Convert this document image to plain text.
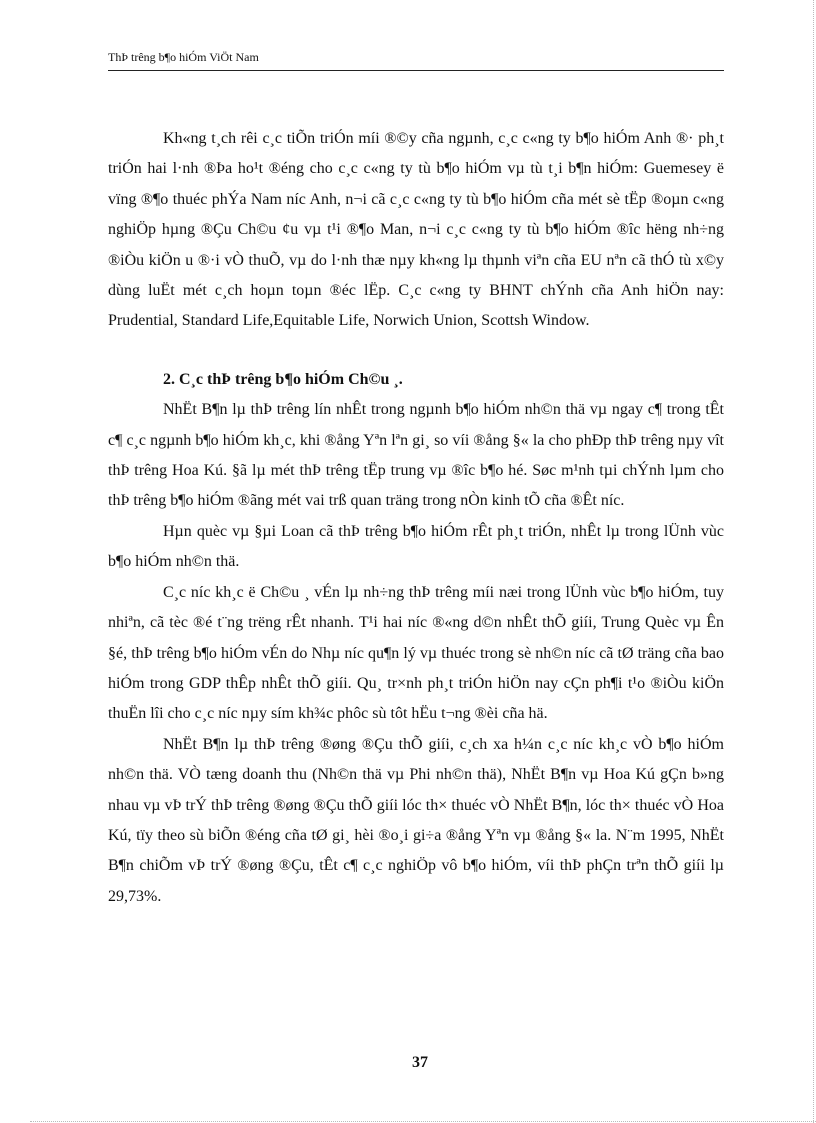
ThÞ trêng b¶o hiÓm ViÖt Nam

Kh«ng t¸ch rêi c¸c tiÕn triÓn míi ®©y cña ngµnh, c¸c c«ng ty b¶o hiÓm Anh ®· ph¸t triÓn hai l·nh ®Þa ho¹t ®éng cho c¸c c«ng ty tù b¶o hiÓm vµ tù t¸i b¶n hiÓm: Guemesey ë vïng ®¶o thuéc phÝa Nam níc Anh, n¬i cã c¸c c«ng ty tù b¶o hiÓm cña mét sè tËp ®oµn c«ng nghiÖp hµng ®Çu Ch©u ¢u vµ t¹i ®¶o Man, n¬i c¸c c«ng ty tù b¶o hiÓm ®îc hëng nh÷ng ®iÒu kiÖn u ®·i vÒ thuÕ, vµ do l·nh thæ nµy kh«ng lµ thµnh viªn cña EU nªn cã thÓ tù x©y dùng luËt mét c¸ch hoµn toµn ®éc lËp. C¸c c«ng ty BHNT chÝnh cña Anh hiÖn nay: Prudential, Standard Life,Equitable Life, Norwich Union, Scottsh Window.

2. C¸c thÞ trêng b¶o hiÓm Ch©u ¸.

NhËt B¶n lµ thÞ trêng lín nhÊt trong ngµnh b¶o hiÓm nh©n thä vµ ngay c¶ trong tÊt c¶ c¸c ngµnh b¶o hiÓm kh¸c, khi ®ång Yªn lªn gi¸ so víi ®ång §« la cho phÐp thÞ trêng nµy vît thÞ trêng Hoa Kú. §ã lµ mét thÞ trêng tËp trung vµ ®îc b¶o hé. Søc m¹nh tµi chÝnh lµm cho thÞ trêng b¶o hiÓm ®ãng mét vai trß quan träng trong nÒn kinh tÕ cña ®Êt níc.

Hµn quèc vµ §µi Loan cã thÞ trêng b¶o hiÓm rÊt ph¸t triÓn, nhÊt lµ trong lÜnh vùc b¶o hiÓm nh©n thä.

C¸c níc kh¸c ë Ch©u ¸ vÉn lµ nh÷ng thÞ trêng míi næi trong lÜnh vùc b¶o hiÓm, tuy nhiªn, cã tèc ®é t¨ng trëng rÊt nhanh. T¹i hai níc ®«ng d©n nhÊt thÕ giíi, Trung Quèc vµ Ên §é, thÞ trêng b¶o hiÓm vÉn do Nhµ níc qu¶n lý vµ thuéc trong sè nh©n níc cã tØ träng cña bao hiÓm trong GDP thÊp nhÊt thÕ giíi. Qu¸ tr×nh ph¸t triÓn hiÖn nay cÇn ph¶i t¹o ®iÒu kiÖn thuËn lîi cho c¸c níc nµy sím kh¾c phôc sù tôt hËu t¬ng ®èi cña hä.

NhËt B¶n lµ thÞ trêng ®øng ®Çu thÕ giíi, c¸ch xa h¼n c¸c níc kh¸c vÒ b¶o hiÓm nh©n thä. VÒ tæng doanh thu (Nh©n thä vµ Phi nh©n thä), NhËt B¶n vµ Hoa Kú gÇn b»ng nhau vµ vÞ trÝ thÞ trêng ®øng ®Çu thÕ giíi lóc th× thuéc vÒ NhËt B¶n, lóc th× thuéc vÒ Hoa Kú, tïy theo sù biÕn ®éng cña tØ gi¸ hèi ®o¸i gi÷a ®ång Yªn vµ ®ång §« la. N¨m 1995, NhËt B¶n chiÕm vÞ trÝ ®øng ®Çu, tÊt c¶ c¸c nghiÖp vô b¶o hiÓm, víi thÞ phÇn trªn thÕ giíi lµ 29,73%.

37
